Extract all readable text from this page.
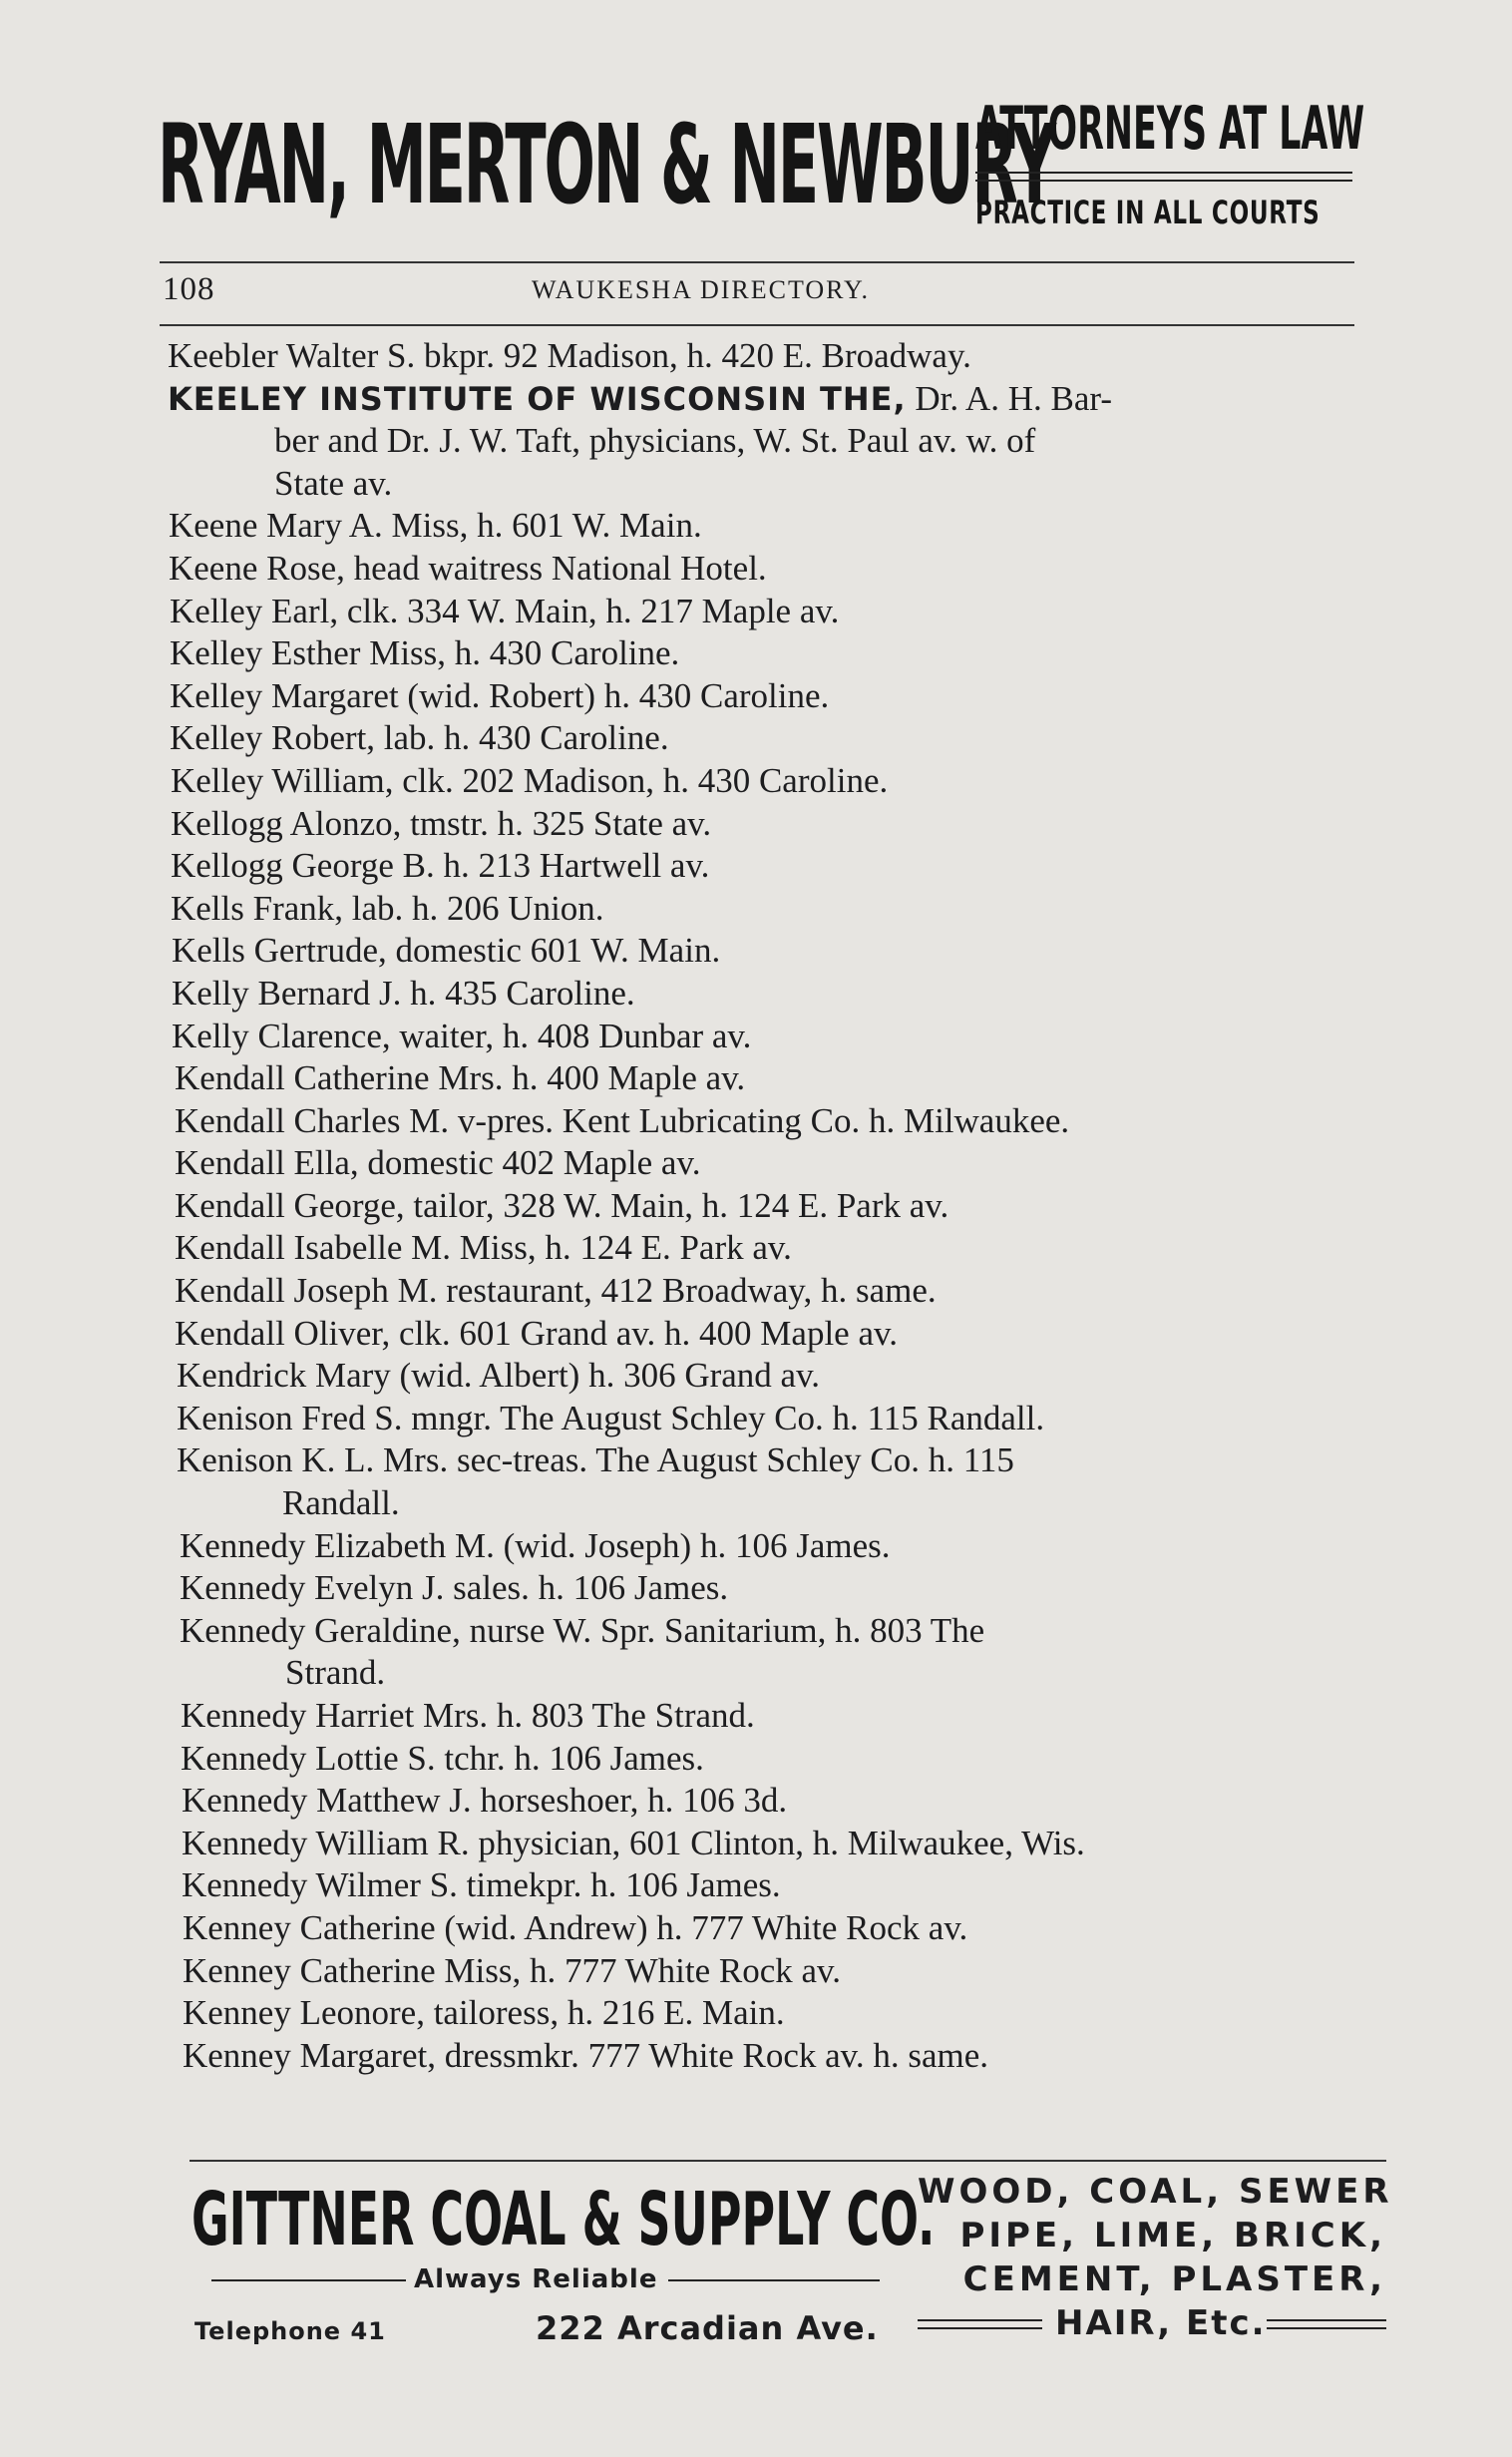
RYAN, MERTON & NEWBURY
ATTORNEYS AT LAW
PRACTICE IN ALL COURTS
108	WAUKESHA DIRECTORY.
Keebler Walter S. bkpr. 92 Madison, h. 420 E. Broadway.
KEELEY INSTITUTE OF WISCONSIN THE, Dr. A. H. Bar-
ber and Dr. J. W. Taft, physicians, W. St. Paul av. w. of
State av.
Keene Mary A. Miss, h. 601 W. Main.
Keene Rose, head waitress National Hotel.
Kelley Earl, clk. 334 W. Main, h. 217 Maple av.
Kelley Esther Miss, h. 430 Caroline.
Kelley Margaret (wid. Robert) h. 430 Caroline.
Kelley Robert, lab. h. 430 Caroline.
Kelley William, clk. 202 Madison, h. 430 Caroline.
Kellogg Alonzo, tmstr. h. 325 State av.
Kellogg George B. h. 213 Hartwell av.
Kells Frank, lab. h. 206 Union.
Kells Gertrude, domestic 601 W. Main.
Kelly Bernard J. h. 435 Caroline.
Kelly Clarence, waiter, h. 408 Dunbar av.
Kendall Catherine Mrs. h. 400 Maple av.
Kendall Charles M. v-pres. Kent Lubricating Co. h. Milwaukee.
Kendall Ella, domestic 402 Maple av.
Kendall George, tailor, 328 W. Main, h. 124 E. Park av.
Kendall Isabelle M. Miss, h. 124 E. Park av.
Kendall Joseph M. restaurant, 412 Broadway, h. same.
Kendall Oliver, clk. 601 Grand av. h. 400 Maple av.
Kendrick Mary (wid. Albert) h. 306 Grand av.
Kenison Fred S. mngr. The August Schley Co. h. 115 Randall.
Kenison K. L. Mrs. sec-treas. The August Schley Co. h. 115
Randall.
Kennedy Elizabeth M. (wid. Joseph) h. 106 James.
Kennedy Evelyn J. sales. h. 106 James.
Kennedy Geraldine, nurse W. Spr. Sanitarium, h. 803 The
Strand.
Kennedy Harriet Mrs. h. 803 The Strand.
Kennedy Lottie S. tchr. h. 106 James.
Kennedy Matthew J. horseshoer, h. 106 3d.
Kennedy William R. physician, 601 Clinton, h. Milwaukee, Wis.
Kennedy Wilmer S. timekpr. h. 106 James.
Kenney Catherine (wid. Andrew) h. 777 White Rock av.
Kenney Catherine Miss, h. 777 White Rock av.
Kenney Leonore, tailoress, h. 216 E. Main.
Kenney Margaret, dressmkr. 777 White Rock av. h. same.
GITTNER COAL & SUPPLY CO.
Always Reliable
Telephone 41	222 Arcadian Ave.
WOOD, COAL, SEWER
PIPE, LIME, BRICK,
CEMENT, PLASTER,
HAIR, Etc.
